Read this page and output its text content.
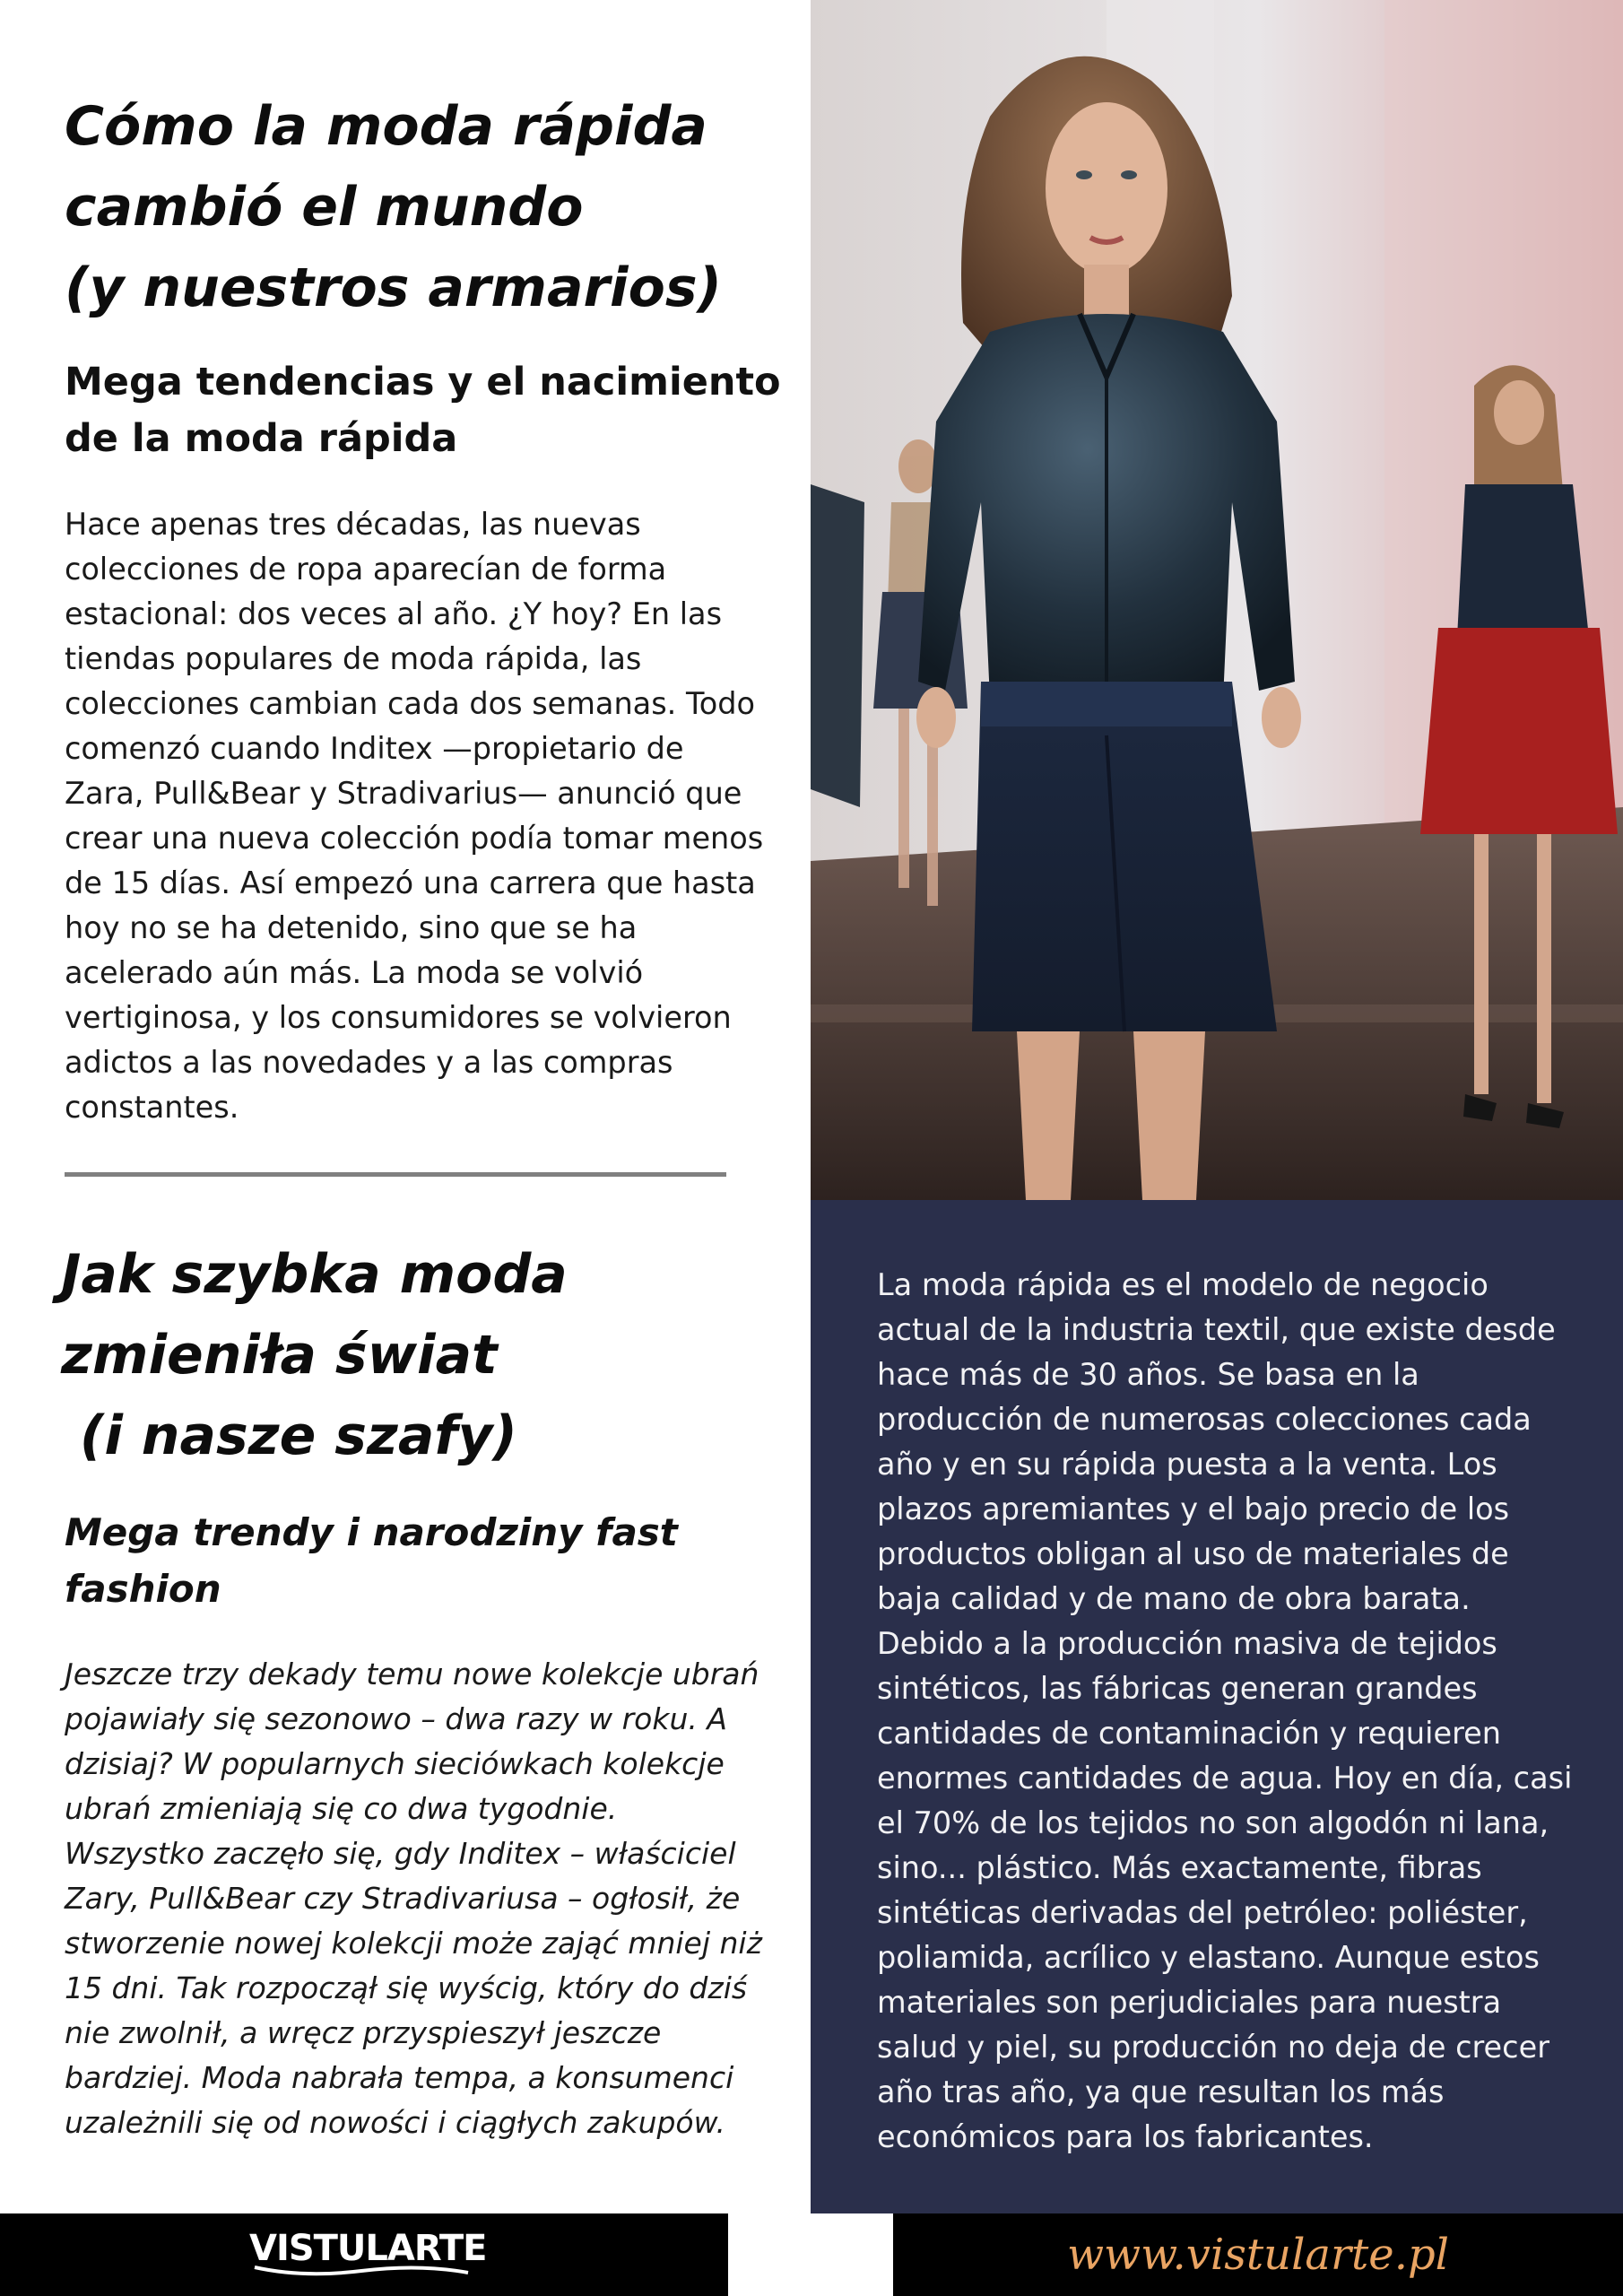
Cómo la moda rápida
cambió el mundo
(y nuestros armarios)
Mega tendencias y el nacimiento de la moda rápida

Hace apenas tres décadas, las nuevas colecciones de ropa aparecían de forma estacional: dos veces al año. ¿Y hoy? En las tiendas populares de moda rápida, las colecciones cambian cada dos semanas. Todo comenzó cuando Inditex —propietario de Zara, Pull&Bear y Stradivarius— anunció que crear una nueva colección podía tomar menos de 15 días. Así empezó una carrera que hasta hoy no se ha detenido, sino que se ha acelerado aún más. La moda se volvió vertiginosa, y los consumidores se volvieron adictos a las novedades y a las compras constantes.

Jak szybka moda
zmieniła świat
(i nasze szafy)
Mega trendy i narodziny fast fashion

Jeszcze trzy dekady temu nowe kolekcje ubrań pojawiały się sezonowo – dwa razy w roku. A dzisiaj? W popularnych sieciówkach kolekcje ubrań zmieniają się co dwa tygodnie. Wszystko zaczęło się, gdy Inditex – właściciel Zary, Pull&Bear czy Stradivariusa – ogłosił, że stworzenie nowej kolekcji może zająć mniej niż 15 dni. Tak rozpoczął się wyścig, który do dziś nie zwolnił, a wręcz przyspieszył jeszcze bardziej. Moda nabrała tempa, a konsumenci uzależnili się od nowości i ciągłych zakupów.

La moda rápida es el modelo de negocio actual de la industria textil, que existe desde hace más de 30 años. Se basa en la producción de numerosas colecciones cada año y en su rápida puesta a la venta. Los plazos apremiantes y el bajo precio de los productos obligan al uso de materiales de baja calidad y de mano de obra barata. Debido a la producción masiva de tejidos sintéticos, las fábricas generan grandes cantidades de contaminación y requieren enormes cantidades de agua. Hoy en día, casi el 70% de los tejidos no son algodón ni lana, sino... plástico. Más exactamente, fibras sintéticas derivadas del petróleo: poliéster, poliamida, acrílico y elastano. Aunque estos materiales son perjudiciales para nuestra salud y piel, su producción no deja de crecer año tras año, ya que resultan los más económicos para los fabricantes.

VISTULARTE	www.vistularte.pl
